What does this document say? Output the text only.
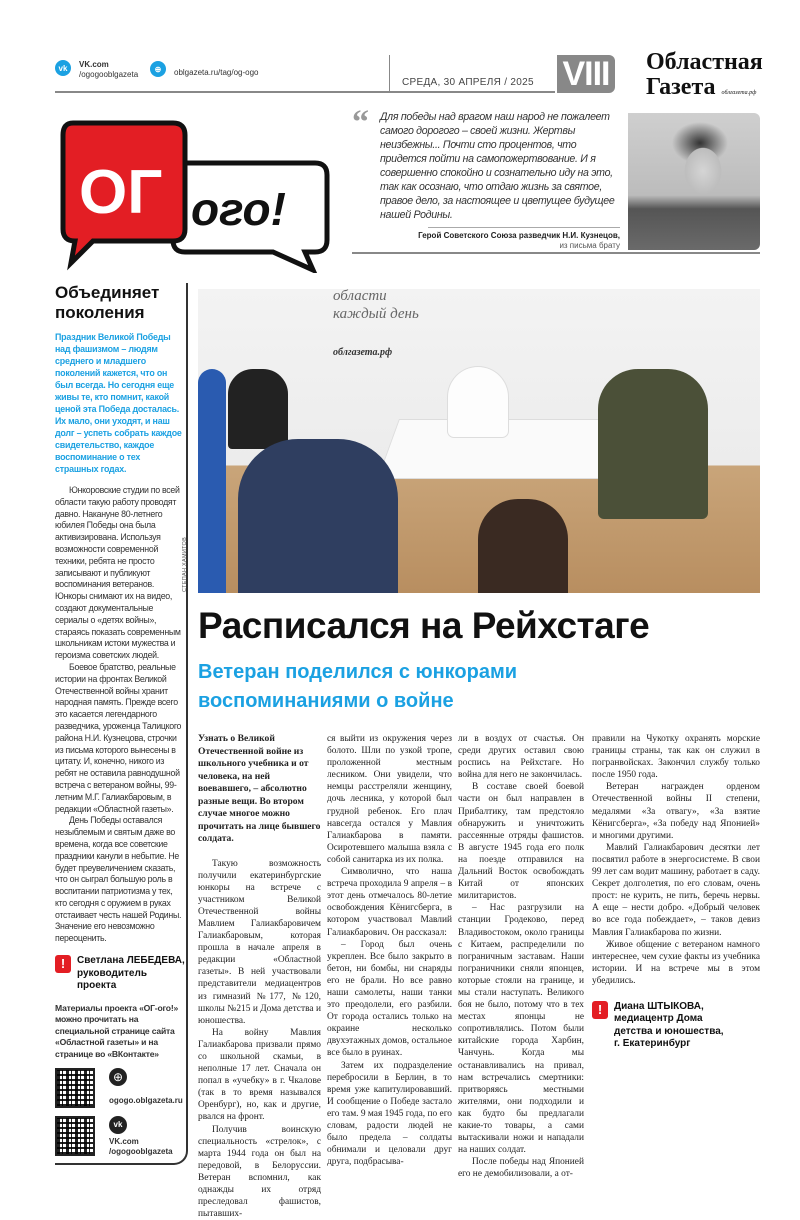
vk	VK.com
/ogogooblgazeta
⊕	oblgazeta.ru/tag/og-ogo
СРЕДА, 30 АПРЕЛЯ / 2025 VIII Областная
Газета облгазета.рф
ОГ ого!
“ Для победы над врагом наш народ не пожалеет самого дорогого – своей жизни. Жертвы неизбежны... Почти сто процентов, что придется пойти на самопожертвование. И я совершенно спокойно и сознательно иду на это, так как осознаю, что отдаю жизнь за святое, правое дело, за настоящее и цветущее будущее нашей Родины.

Герой Советского Союза разведчик Н.И. Кузнецов,
из письма брату
Объединяет поколения
Праздник Великой Победы над фашизмом – людям среднего и младшего поколений кажется, что он был всегда. Но сегодня еще живы те, кто помнит, какой ценой эта Победа досталась. Их мало, они уходят, и наш долг – успеть собрать каждое свидетельство, каждое воспоминание о тех страшных годах.

Юнкоровские студии по всей области такую работу проводят давно. Накануне 80-летнего юбилея Победы она была активизирована. Используя возможности современной техники, ребята не просто записывают и публикуют воспоминания ветеранов. Юнкоры снимают их на видео, создают документальные сериалы о «детях войны», стараясь показать современным школьникам истоки мужества и героизма советских людей.

Боевое братство, реальные истории на фронтах Великой Отечественной войны хранит народная память. Прежде всего это касается легендарного разведчика, уроженца Талицкого района Н.И. Кузнецова, строчки из письма которого вынесены в цитату. И, конечно, никого из ребят не оставила равнодушной встреча с ветераном войны, 99-летним М.Г. Галиакбаровым, в редакции «Областной газеты».

День Победы оставался незыблемым и святым даже во времена, когда все советские праздники канули в небытие. Не будет преувеличением сказать, что он сыграл большую роль в воспитании патриотизма у тех, кто сегодня с оружием в руках отстаивает честь нашей Родины. Значение его невозможно переоценить.

!	Светлана ЛЕБЕДЕВА, руководитель проекта
Материалы проекта «ОГ-ого!» можно прочитать на специальной странице сайта «Областной газеты» и на странице во «ВКонтакте»
⊕
ogogo.oblgazeta.ru
vk
VK.com
/ogogooblgazeta
области
каждый день
облгазета.рф
СТЕПАН ХАМИТОВ
Расписался на Рейхстаге
Ветеран поделился с юнкорами воспоминаниями о войне
Узнать о Великой Отечественной войне из школьного учебника и от человека, на ней воевавшего, – абсолютно разные вещи. Во втором случае многое можно прочитать на лице бывшего солдата.

Такую возможность получили екатеринбургские юнкоры на встрече с участником Великой Отечественной войны Мавлием Галиакбаровичем Галиакбаровым, которая прошла в начале апреля в редакции «Областной газеты». В ней участвовали представители медиацентров из гимназий №177, №120, школы №215 и Дома детства и юношества.

На войну Мавлия Галиакбарова призвали прямо со школьной скамьи, в неполные 17 лет. Сначала он попал в «учебку» в г. Чкалове (так в то время назывался Оренбург), но, как и другие, рвался на фронт.

Получив воинскую специальность «стрелок», с марта 1944 года он был на передовой, в Белоруссии. Ветеран вспомнил, как однажды их отряд преследовал фашистов, пытавших-

ся выйти из окружения через болото. Шли по узкой тропе, проложенной местным лесником. Они увидели, что немцы расстреляли женщину, дочь лесника, у которой был грудной ребенок. Его плач навсегда остался у Мавлия Галиакбарова в памяти. Осиротевшего малыша взяла с собой санитарка из их полка.

Символично, что наша встреча проходила 9 апреля – в этот день отмечалось 80-летие освобождения Кёнигсберга, в котором участвовал Мавлий Галиакбарович. Он рассказал:

– Город был очень укреплен. Все было закрыто в бетон, ни бомбы, ни снаряды его не брали. Но все равно наши самолеты, наши танки это преодолели, его разбили. От города остались только на окраине несколько двухэтажных домов, остальное все было в руинах.

Затем их подразделение перебросили в Берлин, в то время уже капитулировавший. И сообщение о Победе застало его там. 9 мая 1945 года, по его словам, радости людей не было предела – солдаты обнимали и целовали друг друга, подбрасыва-

ли в воздух от счастья. Он среди других оставил свою роспись на Рейхстаге. Но война для него не закончилась.

В составе своей боевой части он был направлен в Прибалтику, там предстояло обнаружить и уничтожить рассеянные отряды фашистов. В августе 1945 года его полк на поезде отправился на Дальний Восток освобождать Китай от японских милитаристов.

– Нас разгрузили на станции Гродеково, перед Владивостоком, около границы с Китаем, распределили по пограничным заставам. Наши пограничники сняли японцев, которые стояли на границе, и мы стали наступать. Великого боя не было, потому что в тех местах японцы не сопротивлялись. Потом были китайские города Харбин, Чанчунь. Когда мы останавливались на привал, нам встречались смертники: притворяясь местными жителями, они подходили и как будто бы предлагали какие-то товары, а сами вытаскивали ножи и нападали на наших солдат.

После победы над Японией его не демобилизовали, а от-

правили на Чукотку охранять морские границы страны, так как он служил в погранвойсках. Закончил службу только после 1950 года.

Ветеран награжден орденом Отечественной войны II степени, медалями «За отвагу», «За взятие Кёнигсберга», «За победу над Японией» и многими другими.

Мавлий Галиакбарович десятки лет посвятил работе в энергосистеме. В свои 99 лет сам водит машину, работает в саду. Секрет долголетия, по его словам, очень прост: не курить, не пить, беречь нервы. А еще – нести добро. «Добрый человек во все года побеждает», – таков девиз Мавлия Галиакбарова по жизни.

Живое общение с ветераном намного интереснее, чем сухие факты из учебника истории. И на встрече мы в этом убедились.

!	Диана ШТЫКОВА, медиацентр Дома детства и юношества, г. Екатеринбург
